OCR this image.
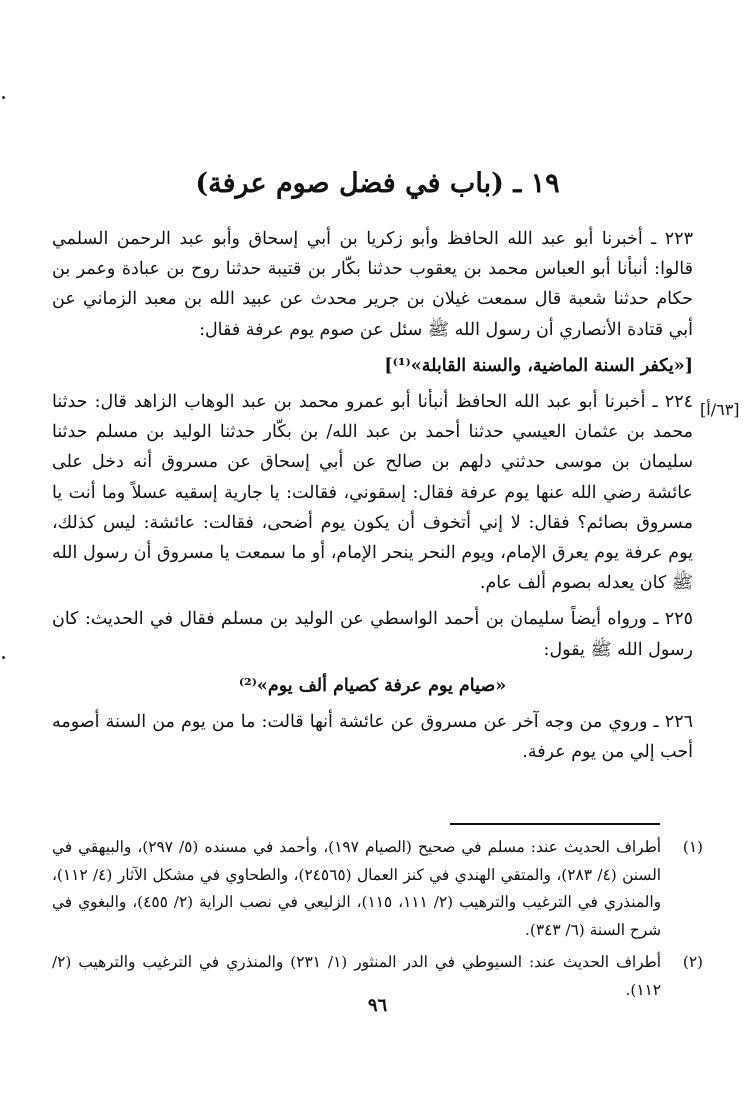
١٩ ـ (باب في فضل صوم عرفة)
[٦٣/أ]

٢٢٣ ـ أخبرنا أبو عبد الله الحافظ وأبو زكريا بن أبي إسحاق وأبو عبد الرحمن السلمي قالوا: أنبأنا أبو العباس محمد بن يعقوب حدثنا بكّار بن قتيبة حدثنا روح بن عبادة وعمر بن حكام حدثنا شعبة قال سمعت غيلان بن جرير محدث عن عبيد الله بن معبد الزماني عن أبي قتادة الأنصاري أن رسول الله ﷺ سئل عن صوم يوم عرفة فقال:

[«يكفر السنة الماضية، والسنة القابلة»⁽¹⁾]

٢٢٤ ـ أخبرنا أبو عبد الله الحافظ أنبأنا أبو عمرو محمد بن عبد الوهاب الزاهد قال: حدثنا محمد بن عثمان العيسي حدثنا أحمد بن عبد الله/ بن بكّار حدثنا الوليد بن مسلم حدثنا سليمان بن موسى حدثني دلهم بن صالح عن أبي إسحاق عن مسروق أنه دخل على عائشة رضي الله عنها يوم عرفة فقال: إسقوني، فقالت: يا جارية إسقيه عسلاً وما أنت يا مسروق بصائم؟ فقال: لا إني أتخوف أن يكون يوم أضحى، فقالت: عائشة: ليس كذلك، يوم عرفة يوم يعرق الإمام، ويوم النحر ينحر الإمام، أو ما سمعت يا مسروق أن رسول الله ﷺ كان يعدله بصوم ألف عام.

٢٢٥ ـ ورواه أيضاً سليمان بن أحمد الواسطي عن الوليد بن مسلم فقال في الحديث: كان رسول الله ﷺ يقول:

«صيام يوم عرفة كصيام ألف يوم»⁽²⁾

٢٢٦ ـ وروي من وجه آخر عن مسروق عن عائشة أنها قالت: ما من يوم من السنة أصومه أحب إلي من يوم عرفة.

(١)
أطراف الحديث عند: مسلم في صحيح (الصيام ١٩٧)، وأحمد في مسنده (٥/ ٢٩٧)، والبيهقي في السنن (٤/ ٢٨٣)، والمتقي الهندي في كنز العمال (٢٤٥٦٥)، والطحاوي في مشكل الآثار (٤/ ١١٢)، والمنذري في الترغيب والترهيب (٢/ ١١١، ١١٥)، الزليعي في نصب الراية (٢/ ٤٥٥)، والبغوي في شرح السنة (٦/ ٣٤٣).
(٢)
أطراف الحديث عند: السيوطي في الدر المنثور (١/ ٢٣١) والمنذري في الترغيب والترهيب (٢/ ١١٢).
٩٦
